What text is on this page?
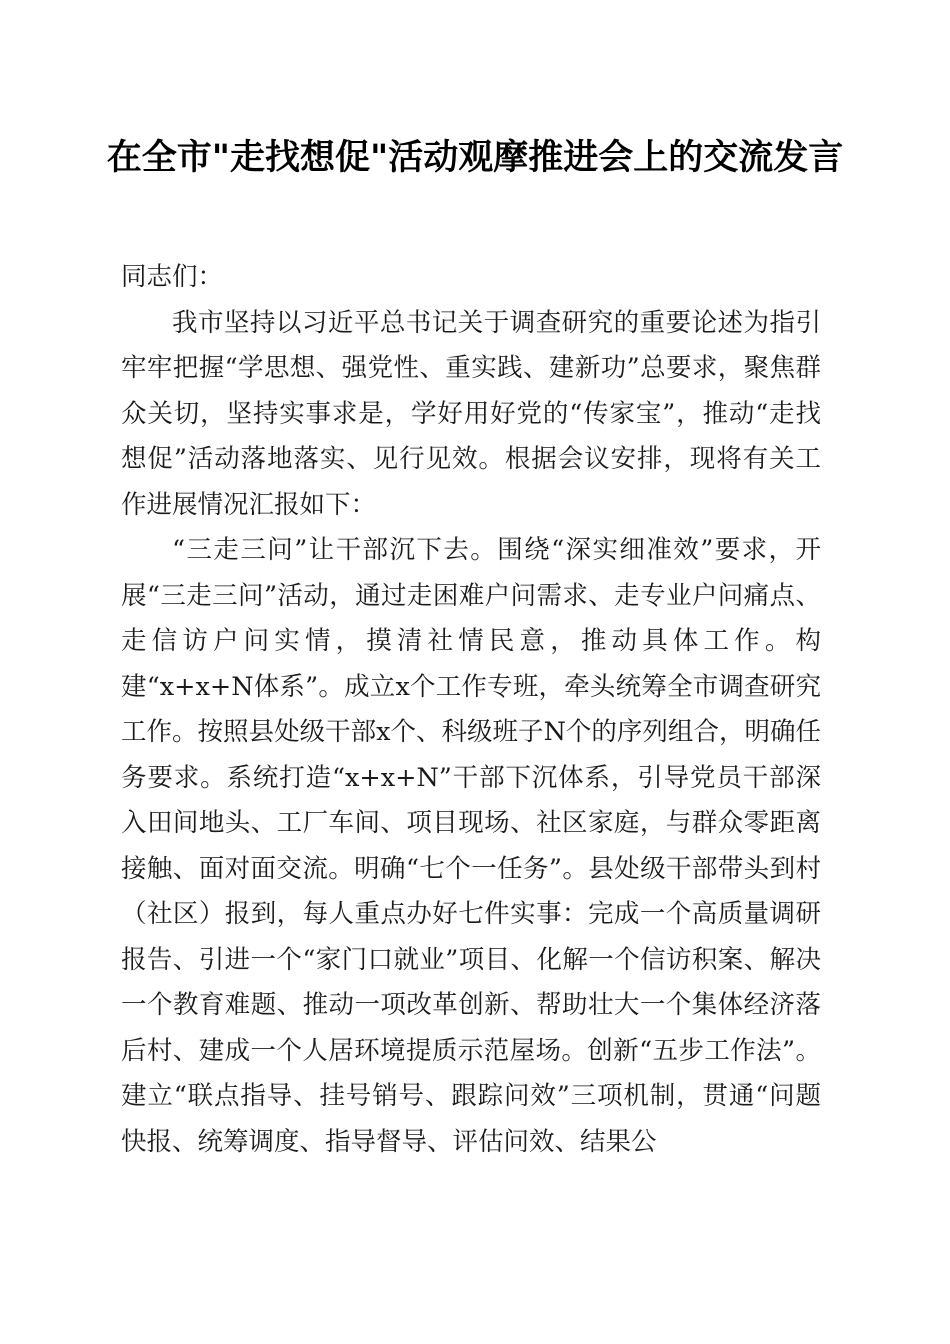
在全市"走找想促"活动观摩推进会上的交流发言

同志们：

我市坚持以习近平总书记关于调查研究的重要论述为指引牢牢把握“学思想、强党性、重实践、建新功”总要求，聚焦群众关切，坚持实事求是，学好用好党的“传家宝”，推动“走找想促”活动落地落实、见行见效。根据会议安排，现将有关工作进展情况汇报如下：

“三走三问”让干部沉下去。围绕“深实细准效”要求，开展“三走三问”活动，通过走困难户问需求、走专业户问痛点、走信访户问实情，摸清社情民意，推动具体工作。构建“x+x+N体系”。成立x个工作专班，牵头统筹全市调查研究工作。按照县处级干部x个、科级班子N个的序列组合，明确任务要求。系统打造“x+x+N”干部下沉体系，引导党员干部深入田间地头、工厂车间、项目现场、社区家庭，与群众零距离接触、面对面交流。明确“七个一任务”。县处级干部带头到村（社区）报到，每人重点办好七件实事：完成一个高质量调研报告、引进一个“家门口就业”项目、化解一个信访积案、解决一个教育难题、推动一项改革创新、帮助壮大一个集体经济落后村、建成一个人居环境提质示范屋场。创新“五步工作法”。建立“联点指导、挂号销号、跟踪问效”三项机制，贯通“问题快报、统筹调度、指导督导、评估问效、结果公
